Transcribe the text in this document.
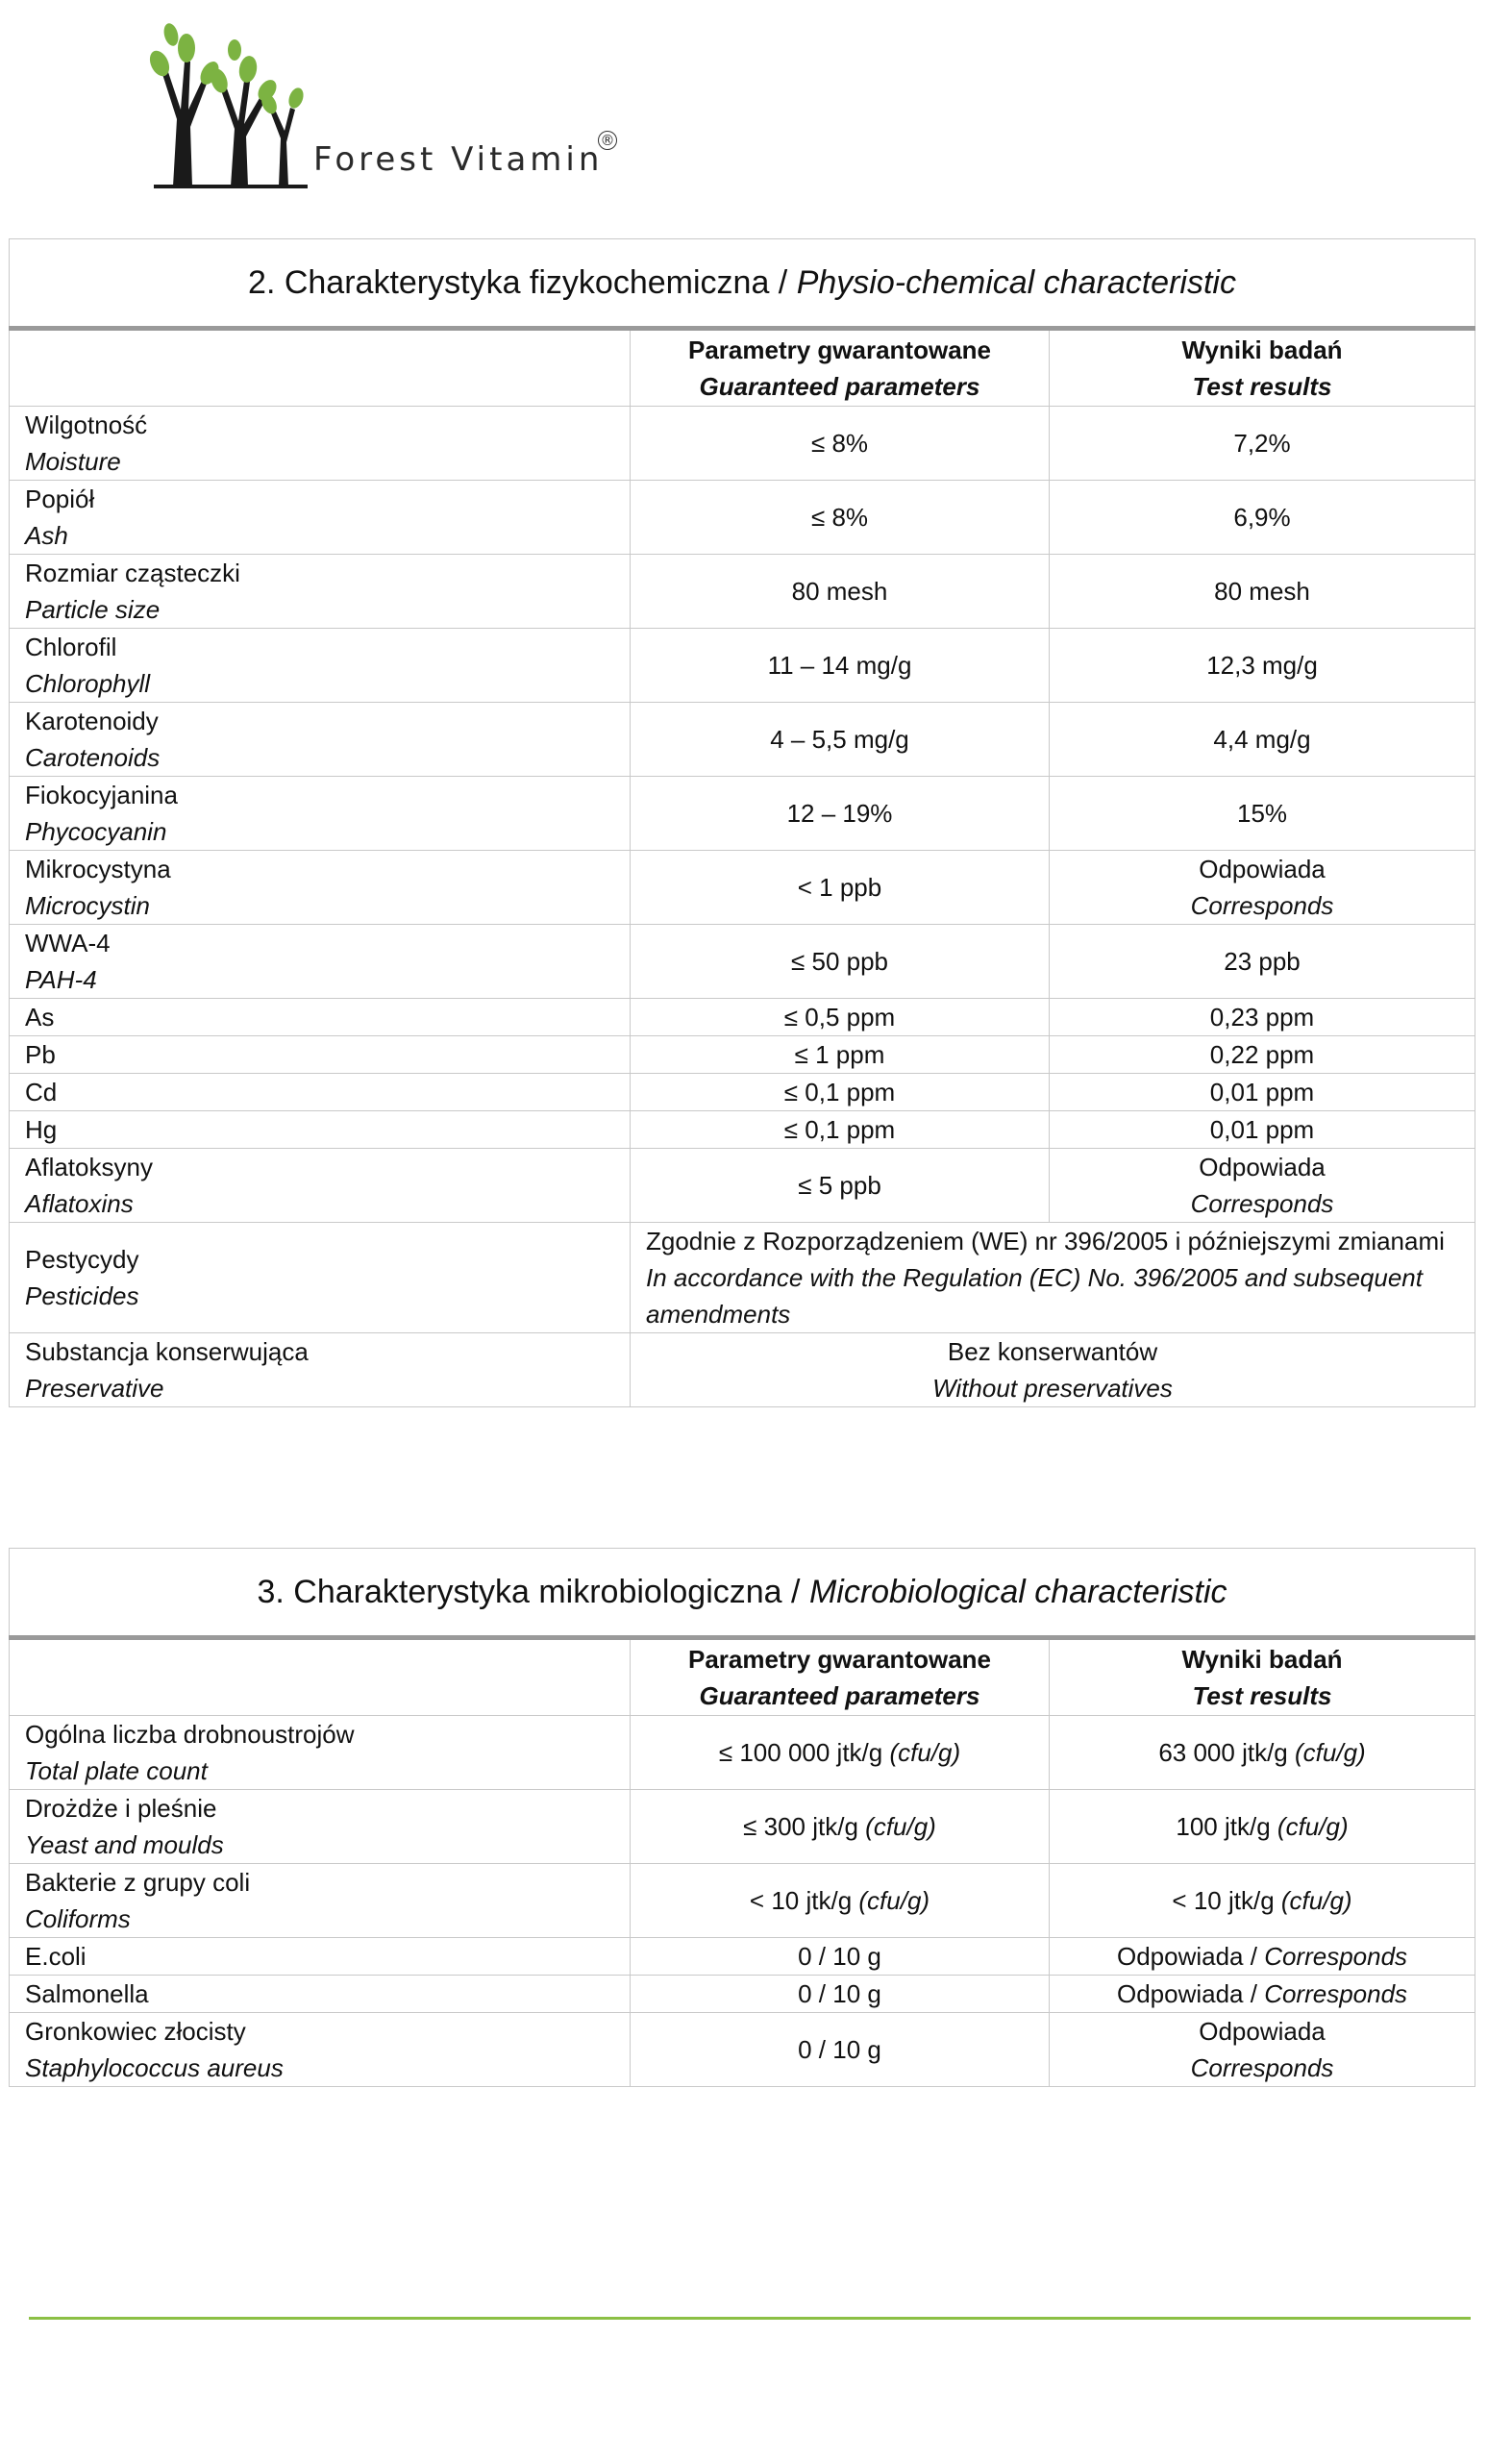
Forest Vitamin
®
2. Charakterystyka fizykochemiczna / Physio-chemical characteristic		

	Parametry gwarantowane
Guaranteed parameters	Wyniki badań
Test results

Wilgotność
Moisture	≤ 8%	7,2%

Popiół
Ash	≤ 8%	6,9%

Rozmiar cząsteczki
Particle size	80 mesh	80 mesh

Chlorofil
Chlorophyll	11 – 14 mg/g	12,3 mg/g

Karotenoidy
Carotenoids	4 – 5,5 mg/g	4,4 mg/g

Fiokocyjanina
Phycocyanin	12 – 19%	15%

Mikrocystyna
Microcystin	< 1 ppb	Odpowiada
Corresponds

WWA-4
PAH-4	≤ 50 ppb	23 ppb

As	≤ 0,5 ppm	0,23 ppm

Pb	≤ 1 ppm	0,22 ppm

Cd	≤ 0,1 ppm	0,01 ppm

Hg	≤ 0,1 ppm	0,01 ppm

Aflatoksyny
Aflatoxins	≤ 5 ppb	Odpowiada
Corresponds

Pestycydy
Pesticides	Zgodnie z Rozporządzeniem (WE) nr 396/2005 i późniejszymi zmianami
In accordance with the Regulation (EC) No. 396/2005 and subsequent amendments	

Substancja konserwująca
Preservative	Bez konserwantów
Without preservatives	
3. Charakterystyka mikrobiologiczna / Microbiological characteristic		

	Parametry gwarantowane
Guaranteed parameters	Wyniki badań
Test results

Ogólna liczba drobnoustrojów
Total plate count	≤ 100 000 jtk/g (cfu/g)	63 000 jtk/g (cfu/g)

Drożdże i pleśnie
Yeast and moulds	≤ 300 jtk/g (cfu/g)	100 jtk/g (cfu/g)

Bakterie z grupy coli
Coliforms	< 10 jtk/g (cfu/g)	< 10 jtk/g (cfu/g)

E.coli	0 / 10 g	Odpowiada / Corresponds

Salmonella	0 / 10 g	Odpowiada / Corresponds

Gronkowiec złocisty
Staphylococcus aureus	0 / 10 g	Odpowiada
Corresponds
